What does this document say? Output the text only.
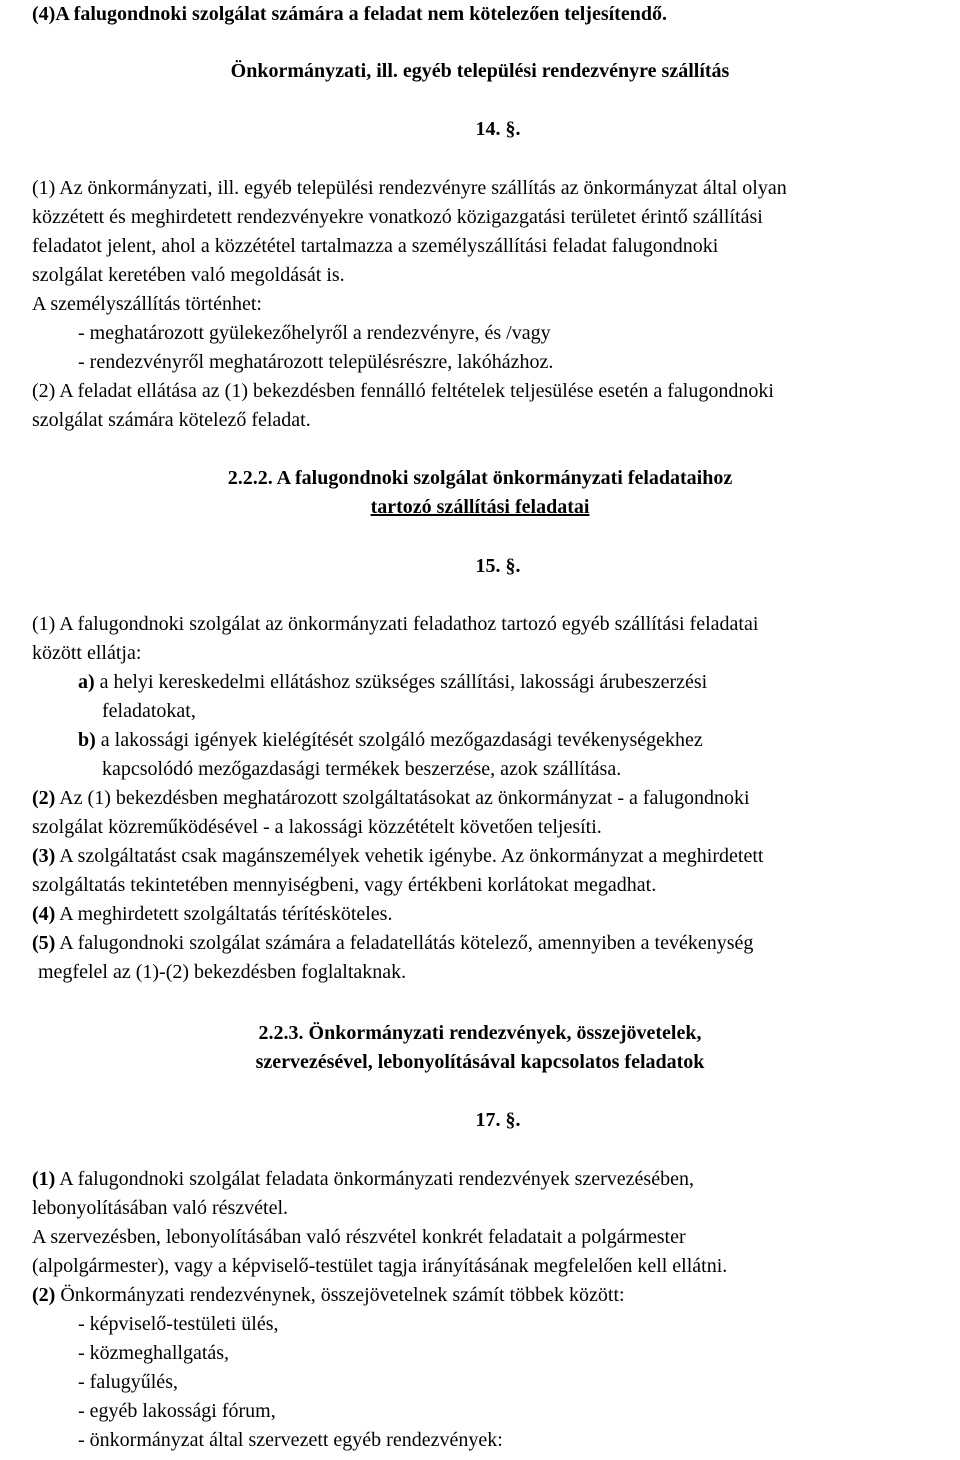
(4)A falugondnoki szolgálat számára a feladat nem kötelezően teljesítendő.
Önkormányzati, ill. egyéb települési rendezvényre szállítás
14. §.
(1) Az önkormányzati, ill. egyéb települési rendezvényre szállítás az önkormányzat által olyan
közzétett és meghirdetett rendezvényekre vonatkozó közigazgatási területet érintő szállítási
feladatot jelent, ahol a közzététel tartalmazza a személyszállítási feladat falugondnoki
szolgálat keretében való megoldását is.
A személyszállítás történhet:
- meghatározott gyülekezőhelyről a rendezvényre, és /vagy
- rendezvényről meghatározott településrészre, lakóházhoz.
(2) A feladat ellátása az (1) bekezdésben fennálló feltételek teljesülése esetén a falugondnoki
szolgálat számára kötelező feladat.
2.2.2. A falugondnoki szolgálat önkormányzati feladataihoz
tartozó szállítási feladatai
15. §.
(1) A falugondnoki szolgálat az önkormányzati feladathoz tartozó egyéb szállítási feladatai
között ellátja:
a) a helyi kereskedelmi ellátáshoz szükséges szállítási, lakossági árubeszerzési
feladatokat,
b) a lakossági igények kielégítését szolgáló mezőgazdasági tevékenységekhez
kapcsolódó mezőgazdasági termékek beszerzése, azok szállítása.
(2) Az (1) bekezdésben meghatározott szolgáltatásokat az önkormányzat - a falugondnoki
szolgálat közreműködésével - a lakossági közzétételt követően teljesíti.
(3) A szolgáltatást csak magánszemélyek vehetik igénybe. Az önkormányzat a meghirdetett
szolgáltatás tekintetében mennyiségbeni, vagy értékbeni korlátokat megadhat.
(4) A meghirdetett szolgáltatás térítésköteles.
(5) A falugondnoki szolgálat számára a feladatellátás kötelező, amennyiben a tevékenység
megfelel az (1)-(2) bekezdésben foglaltaknak.
2.2.3. Önkormányzati rendezvények, összejövetelek,
szervezésével, lebonyolításával kapcsolatos feladatok
17. §.
(1) A falugondnoki szolgálat feladata önkormányzati rendezvények szervezésében,
lebonyolításában való részvétel.
A szervezésben, lebonyolításában való részvétel konkrét feladatait a polgármester
(alpolgármester), vagy a képviselő-testület tagja irányításának megfelelően kell ellátni.
(2) Önkormányzati rendezvénynek, összejövetelnek számít többek között:
- képviselő-testületi ülés,
- közmeghallgatás,
- falugyűlés,
- egyéb lakossági fórum,
- önkormányzat által szervezett egyéb rendezvények:
